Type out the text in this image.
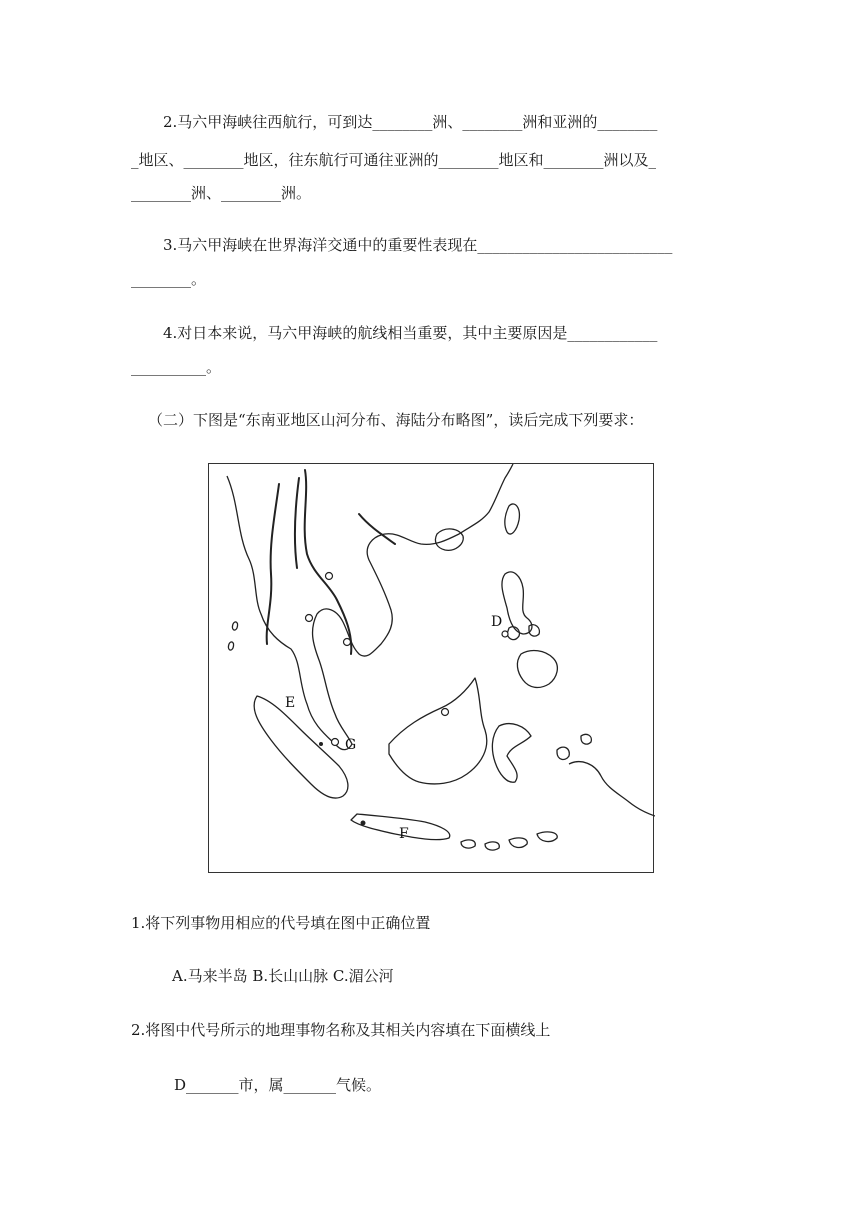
2.马六甲海峡往西航行，可到达________洲、________洲和亚洲的________
_地区、________地区，往东航行可通往亚洲的________地区和________洲以及_
________洲、________洲。
3.马六甲海峡在世界海洋交通中的重要性表现在__________________________
________。
4.对日本来说，马六甲海峡的航线相当重要，其中主要原因是____________
__________。
（二）下图是“东南亚地区山河分布、海陆分布略图”，读后完成下列要求：
D
E
G
F
1.将下列事物用相应的代号填在图中正确位置
A.马来半岛 B.长山山脉 C.湄公河
2.将图中代号所示的地理事物名称及其相关内容填在下面横线上
D_______市，属_______气候。
